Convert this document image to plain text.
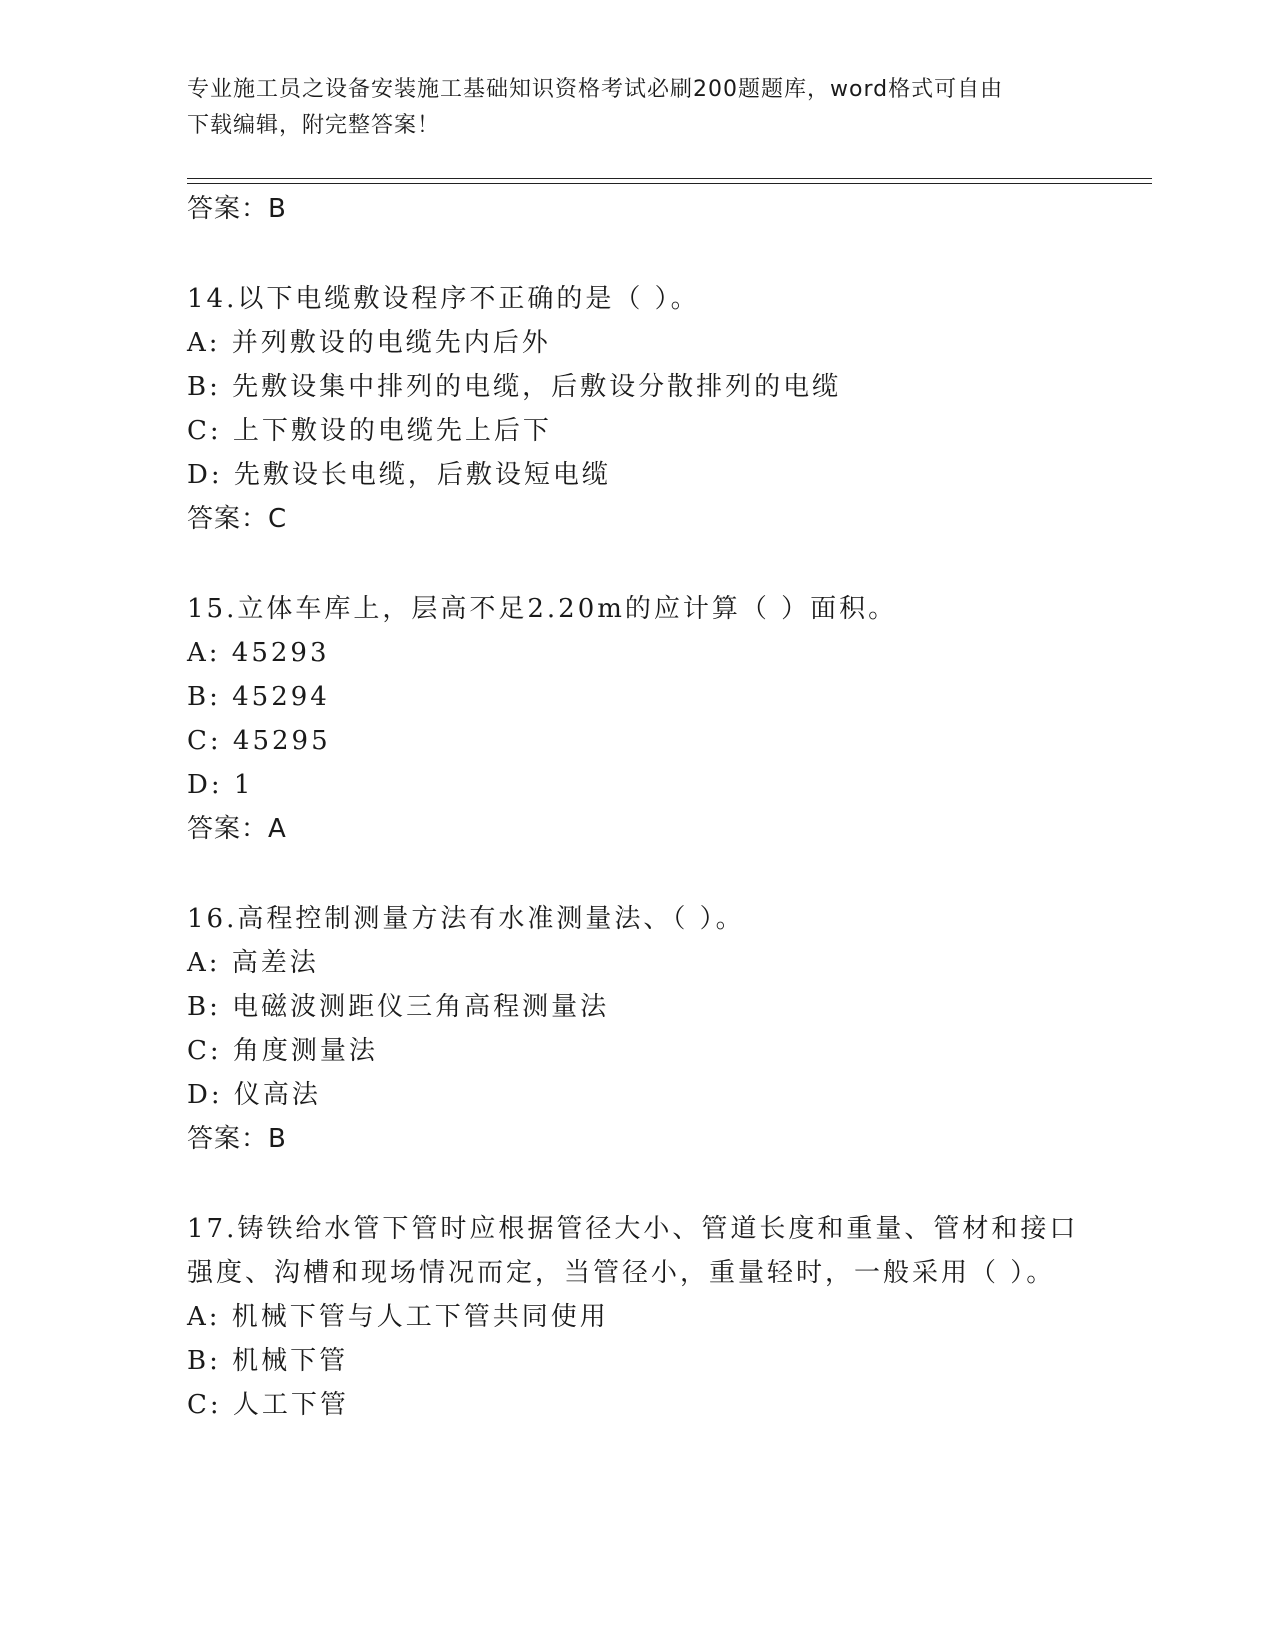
专业施工员之设备安装施工基础知识资格考试必刷200题题库，word格式可自由
下载编辑，附完整答案！
答案：B
14.以下电缆敷设程序不正确的是（ ）。
A: 并列敷设的电缆先内后外
B: 先敷设集中排列的电缆，后敷设分散排列的电缆
C: 上下敷设的电缆先上后下
D: 先敷设长电缆，后敷设短电缆
答案：C
15.立体车库上，层高不足2.20m的应计算（ ）面积。
A: 45293
B: 45294
C: 45295
D: 1
答案：A
16.高程控制测量方法有水准测量法、（ ）。
A: 高差法
B: 电磁波测距仪三角高程测量法
C: 角度测量法
D: 仪高法
答案：B
17.铸铁给水管下管时应根据管径大小、管道长度和重量、管材和接口
强度、沟槽和现场情况而定，当管径小，重量轻时，一般采用（ ）。
A: 机械下管与人工下管共同使用
B: 机械下管
C: 人工下管
